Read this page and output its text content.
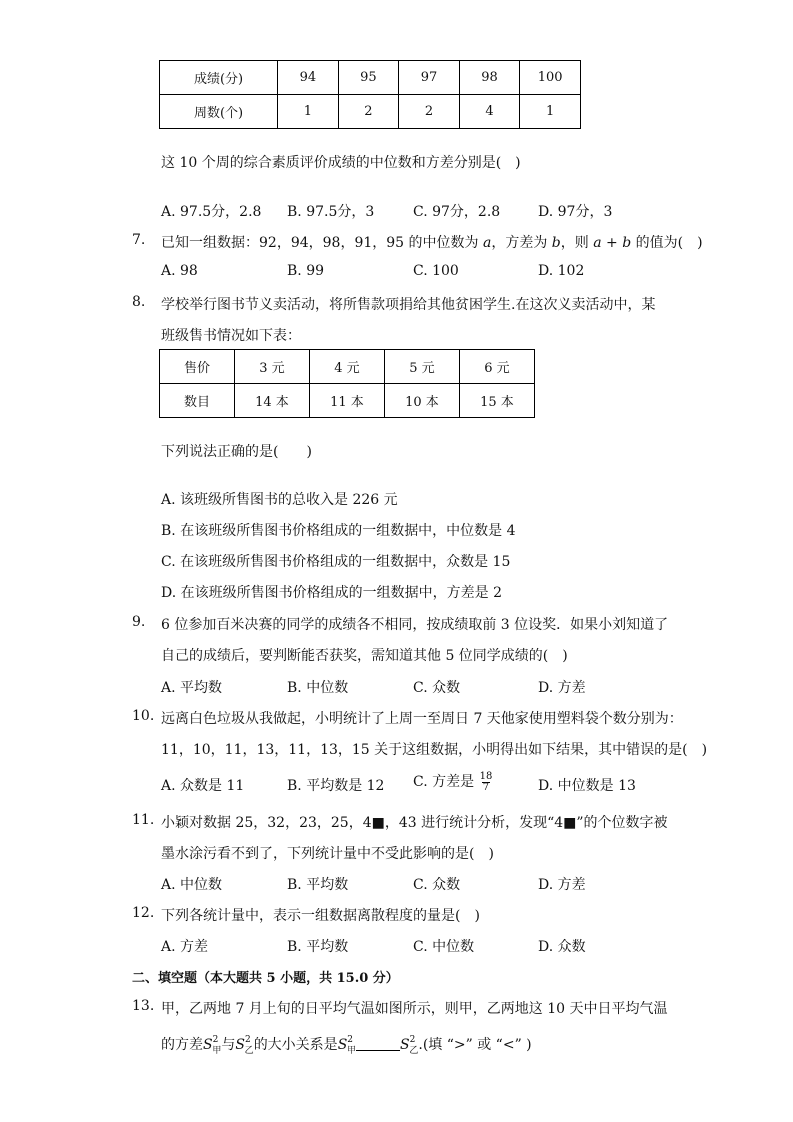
成绩(分)	94	95	97	98	100
周数(个)	1	2	2	4	1
这 10 个周的综合素质评价成绩的中位数和方差分别是( )
A. 97.5分，2.8 B. 97.5分，3	C. 97分，2.8	D. 97分，3
7. 已知一组数据：92，94，98，91，95 的中位数为 a，方差为 b，则 a + b 的值为( )
A. 98	B. 99	C. 100	D. 102
8. 学校举行图书节义卖活动，将所售款项捐给其他贫困学生.在这次义卖活动中，某
班级售书情况如下表：
售价	3 元	4 元	5 元	6 元
数目	14 本	11 本	10 本	15 本
下列说法正确的是(  )
A. 该班级所售图书的总收入是 226 元
B. 在该班级所售图书价格组成的一组数据中，中位数是 4
C. 在该班级所售图书价格组成的一组数据中，众数是 15
D. 在该班级所售图书价格组成的一组数据中，方差是 2
9. 6 位参加百米决赛的同学的成绩各不相同，按成绩取前 3 位设奖．如果小刘知道了
自己的成绩后，要判断能否获奖，需知道其他 5 位同学成绩的( )
A. 平均数	B. 中位数	C. 众数	D. 方差
10. 远离白色垃圾从我做起，小明统计了上周一至周日 7 天他家使用塑料袋个数分别为：
11，10，11，13，11，13，15 关于这组数据，小明得出如下结果，其中错误的是( )
A. 众数是 11	B. 平均数是 12 C. 方差是 $\frac{18}{7}$	D. 中位数是 13
11. 小颖对数据 25，32，23，25，4■，43 进行统计分析，发现“4■”的个位数字被
墨水涂污看不到了，下列统计量中不受此影响的是( )
A. 中位数	B. 平均数	C. 众数	D. 方差
12. 下列各统计量中，表示一组数据离散程度的量是( )
A. 方差	B. 平均数	C. 中位数	D. 众数
二、填空题（本大题共 5 小题，共 15.0 分）
13. 甲，乙两地 7 月上旬的日平均气温如图所示，则甲，乙两地这 10 天中日平均气温
的方差$S^2_甲$与$S^2_乙$的大小关系是$S^2_甲$	$S^2_乙$.(填 “>” 或 “<” )
